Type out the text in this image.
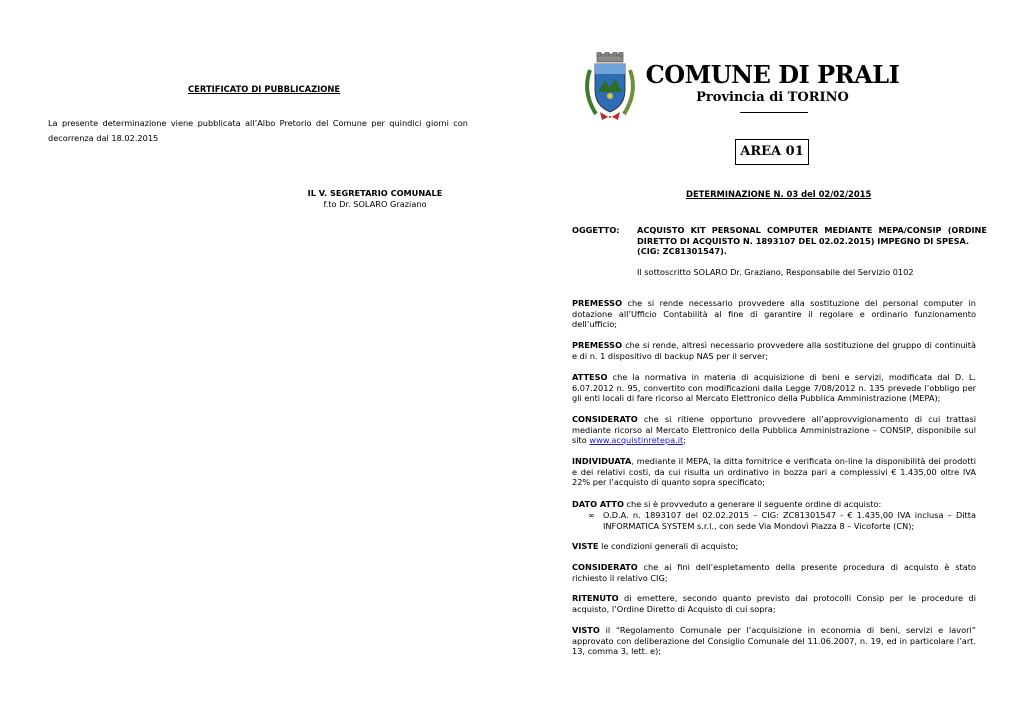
CERTIFICATO DI PUBBLICAZIONE
La presente determinazione viene pubblicata all’Albo Pretorio del Comune per quindici giorni con
decorrenza dal 18.02.2015
IL V. SEGRETARIO COMUNALE
f.to Dr. SOLARO Graziano
COMUNE DI PRALI
Provincia di TORINO
AREA 01
DETERMINAZIONE N. 03 del 02/02/2015
OGGETTO: ACQUISTO KIT PERSONAL COMPUTER MEDIANTE MEPA/CONSIP (ORDINE DIRETTO DI ACQUISTO N. 1893107 DEL 02.02.2015) IMPEGNO DI SPESA.
(CIG: ZC81301547).
Il sottoscritto SOLARO Dr. Graziano, Responsabile del Servizio 0102
PREMESSO che si rende necessario provvedere alla sostituzione del personal computer in dotazione all’Ufficio Contabilità al fine di garantire il regolare e ordinario funzionamento dell’ufficio;
PREMESSO che si rende, altresì necessario provvedere alla sostituzione del gruppo di continuità e di n. 1 dispositivo di backup NAS per il server;
ATTESO che la normativa in materia di acquisizione di beni e servizi, modificata dal D. L. 6.07.2012 n. 95, convertito con modificazioni dalla Legge 7/08/2012 n. 135 prevede l’obbligo per gli enti locali di fare ricorso al Mercato Elettronico della Pubblica Amministrazione (MEPA);
CONSIDERATO che si ritiene opportuno provvedere all’approvvigionamento di cui trattasi mediante ricorso al Mercato Elettronico della Pubblica Amministrazione – CONSIP, disponibile sul sito www.acquistinretepa.it;
INDIVIDUATA, mediante il MEPA, la ditta fornitrice e verificata on-line la disponibilità dei prodotti e dei relativi costi, da cui risulta un ordinativo in bozza pari a complessivi € 1.435,00 oltre IVA 22% per l’acquisto di quanto sopra specificato;
DATO ATTO che si è provveduto a generare il seguente ordine di acquisto:
∞ O.D.A. n. 1893107 del 02.02.2015 – CIG: ZC81301547 - € 1.435,00 IVA inclusa – Ditta INFORMATICA SYSTEM s.r.l., con sede Via Mondovì Piazza 8 – Vicoforte (CN);
VISTE le condizioni generali di acquisto;
CONSIDERATO che ai fini dell’espletamento della presente procedura di acquisto è stato richiesto il relativo CIG;
RITENUTO di emettere, secondo quanto previsto dai protocolli Consip per le procedure di acquisto, l’Ordine Diretto di Acquisto di cui sopra;
VISTO il “Regolamento Comunale per l’acquisizione in economia di beni, servizi e lavori” approvato con deliberazione del Consiglio Comunale del 11.06.2007, n. 19, ed in particolare l’art. 13, comma 3, lett. e);
